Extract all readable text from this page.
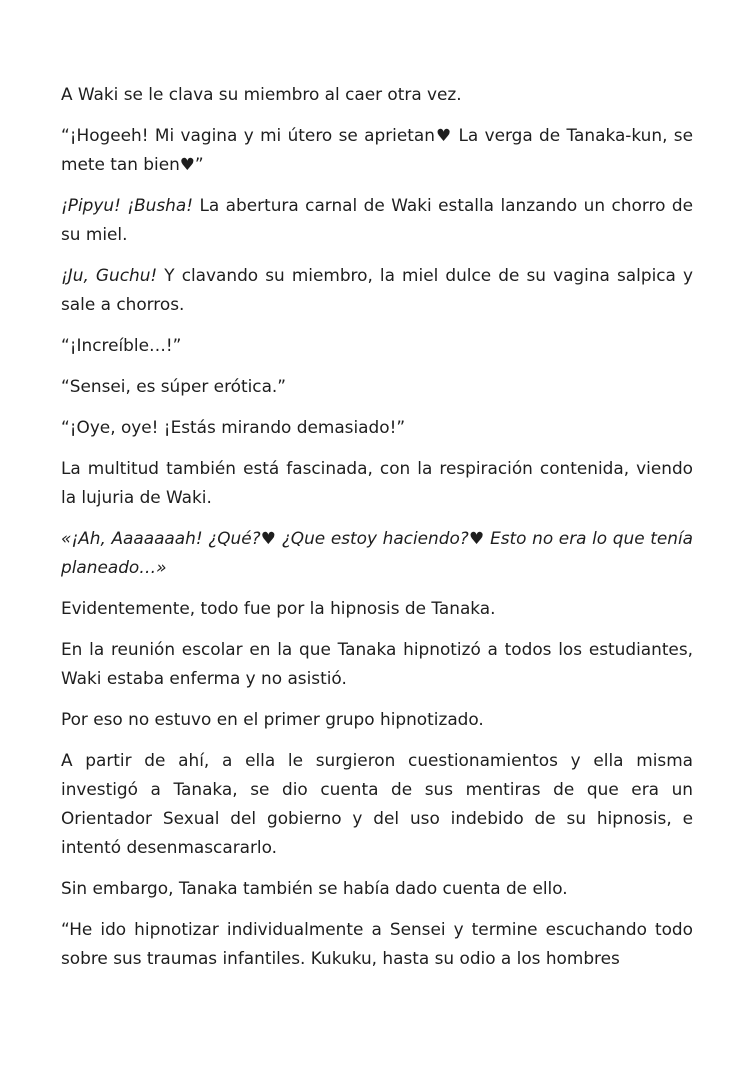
A Waki se le clava su miembro al caer otra vez.

“¡Hogeeh! Mi vagina y mi útero se aprietan♥ La verga de Tanaka-kun, se mete tan bien♥”

¡Pipyu! ¡Busha! La abertura carnal de Waki estalla lanzando un chorro de su miel.

¡Ju, Guchu! Y clavando su miembro, la miel dulce de su vagina salpica y sale a chorros.

“¡Increíble…!”

“Sensei, es súper erótica.”

“¡Oye, oye! ¡Estás mirando demasiado!”

La multitud también está fascinada, con la respiración contenida, viendo la lujuria de Waki.

«¡Ah, Aaaaaaah! ¿Qué?♥ ¿Que estoy haciendo?♥ Esto no era lo que tenía planeado…»

Evidentemente, todo fue por la hipnosis de Tanaka.

En la reunión escolar en la que Tanaka hipnotizó a todos los estudiantes, Waki estaba enferma y no asistió.

Por eso no estuvo en el primer grupo hipnotizado.

A partir de ahí, a ella le surgieron cuestionamientos y ella misma investigó a Tanaka, se dio cuenta de sus mentiras de que era un Orientador Sexual del gobierno y del uso indebido de su hipnosis, e intentó desenmascararlo.

Sin embargo, Tanaka también se había dado cuenta de ello.

“He ido hipnotizar individualmente a Sensei y termine escuchando todo sobre sus traumas infantiles. Kukuku, hasta su odio a los hombres
